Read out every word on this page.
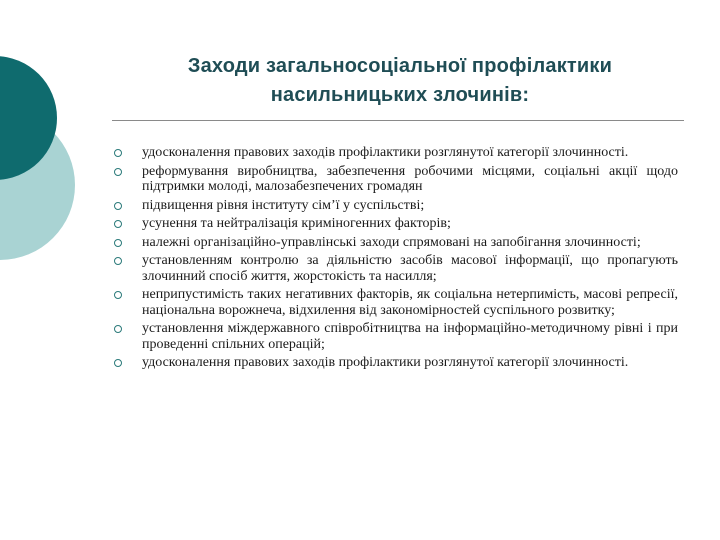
Заходи загальносоціальної профілактики
насильницьких злочинів:
удосконалення правових заходів профілактики розглянутої категорії злочинності.
реформування виробництва, забезпечення робочими місцями, соціальні акції щодо підтримки молоді, малозабезпечених громадян
підвищення рівня інституту сім’ї у суспільстві;
усунення та нейтралізація криміногенних факторів;
належні організаційно-управлінські заходи спрямовані на запобігання злочинності;
установленням контролю за діяльністю засобів масової інформації, що пропагують злочинний спосіб життя, жорстокість та насилля;
неприпустимість таких негативних факторів, як соціальна нетерпимість, масові репресії, національна ворожнеча, відхилення від закономірностей суспільного розвитку;
установлення міждержавного співробітництва на інформаційно-методичному рівні і при проведенні спільних операцій;
удосконалення правових заходів профілактики розглянутої категорії злочинності.
